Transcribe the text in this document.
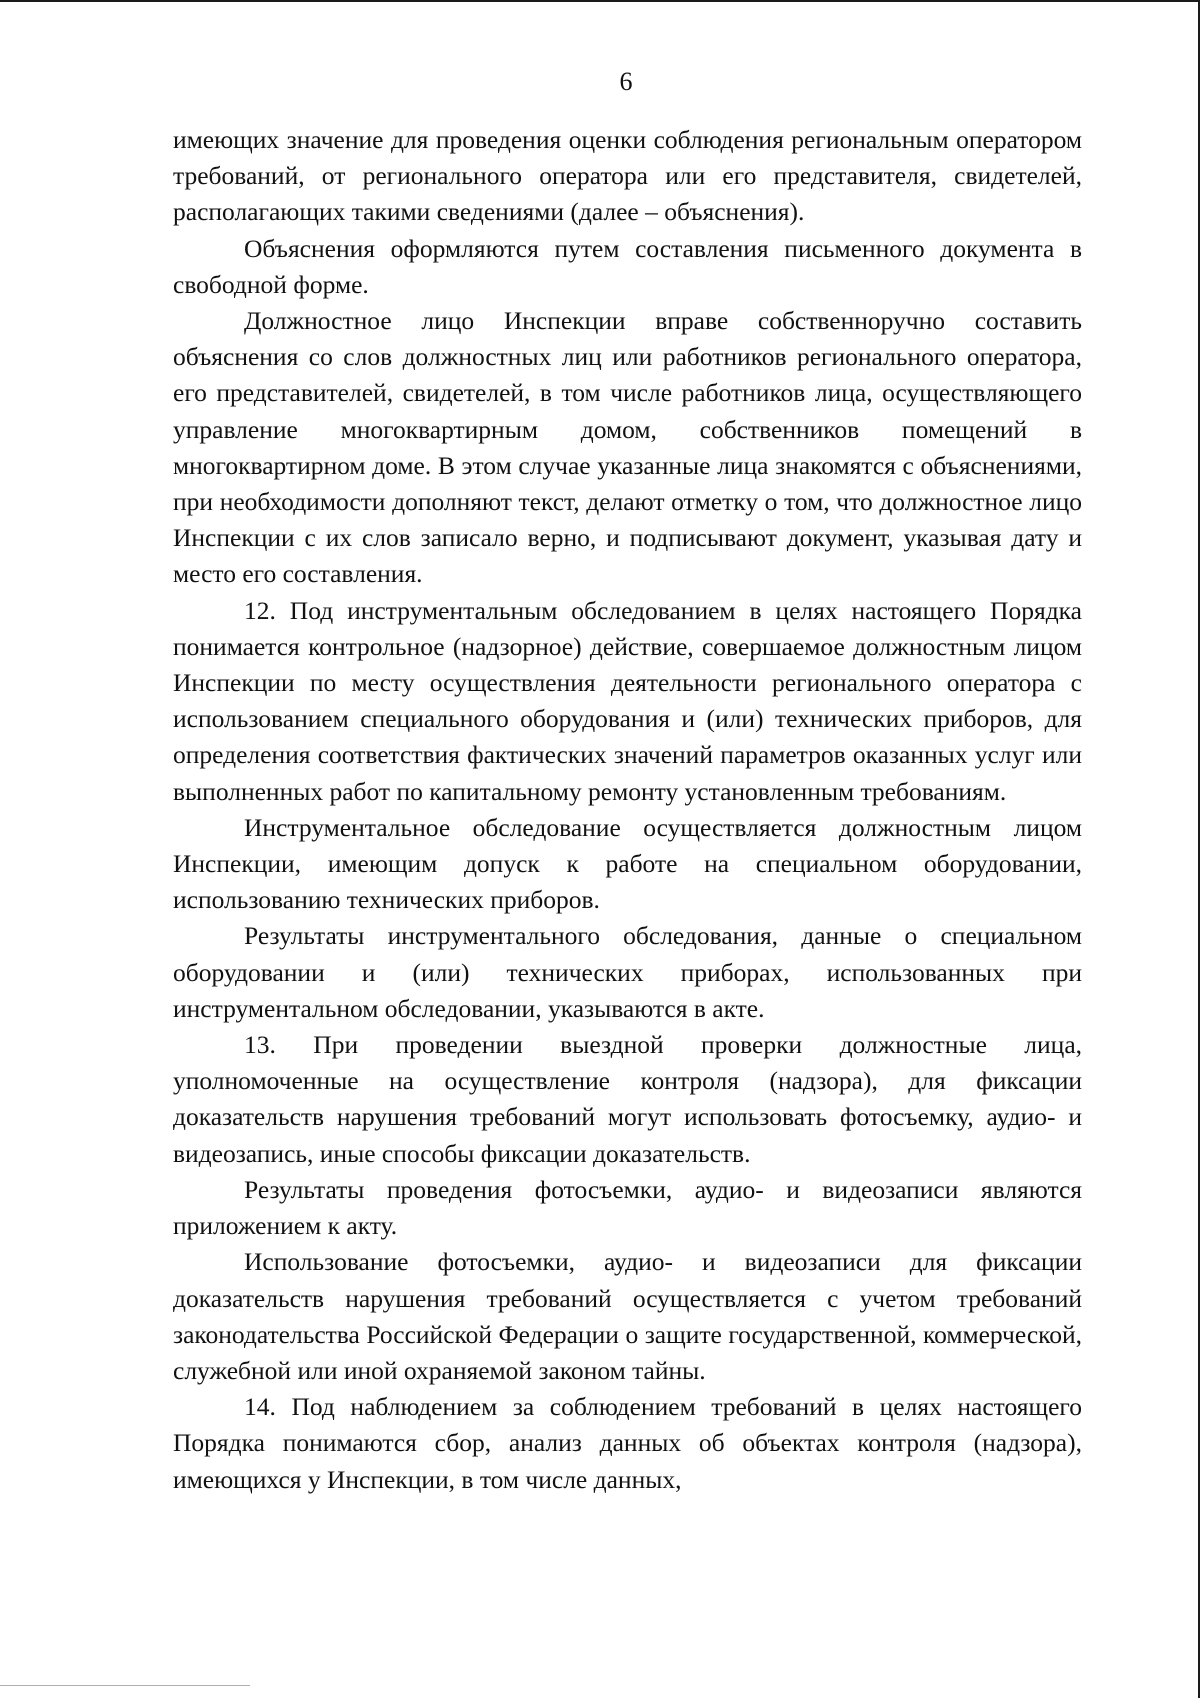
6

имеющих значение для проведения оценки соблюдения региональным оператором требований, от регионального оператора или его представителя, свидетелей, располагающих такими сведениями (далее – объяснения).

Объяснения оформляются путем составления письменного документа в свободной форме.

Должностное лицо Инспекции вправе собственноручно составить объяснения со слов должностных лиц или работников регионального оператора, его представителей, свидетелей, в том числе работников лица, осуществляющего управление многоквартирным домом, собственников помещений в многоквартирном доме. В этом случае указанные лица знакомятся с объяснениями, при необходимости дополняют текст, делают отметку о том, что должностное лицо Инспекции с их слов записало верно, и подписывают документ, указывая дату и место его составления.

12. Под инструментальным обследованием в целях настоящего Порядка понимается контрольное (надзорное) действие, совершаемое должностным лицом Инспекции по месту осуществления деятельности регионального оператора с использованием специального оборудования и (или) технических приборов, для определения соответствия фактических значений параметров оказанных услуг или выполненных работ по капитальному ремонту установленным требованиям.

Инструментальное обследование осуществляется должностным лицом Инспекции, имеющим допуск к работе на специальном оборудовании, использованию технических приборов.

Результаты инструментального обследования, данные о специальном оборудовании и (или) технических приборах, использованных при инструментальном обследовании, указываются в акте.

13. При проведении выездной проверки должностные лица, уполномоченные на осуществление контроля (надзора), для фиксации доказательств нарушения требований могут использовать фотосъемку, аудио- и видеозапись, иные способы фиксации доказательств.

Результаты проведения фотосъемки, аудио- и видеозаписи являются приложением к акту.

Использование фотосъемки, аудио- и видеозаписи для фиксации доказательств нарушения требований осуществляется с учетом требований законодательства Российской Федерации о защите государственной, коммерческой, служебной или иной охраняемой законом тайны.

14. Под наблюдением за соблюдением требований в целях настоящего Порядка понимаются сбор, анализ данных об объектах контроля (надзора), имеющихся у Инспекции, в том числе данных,
